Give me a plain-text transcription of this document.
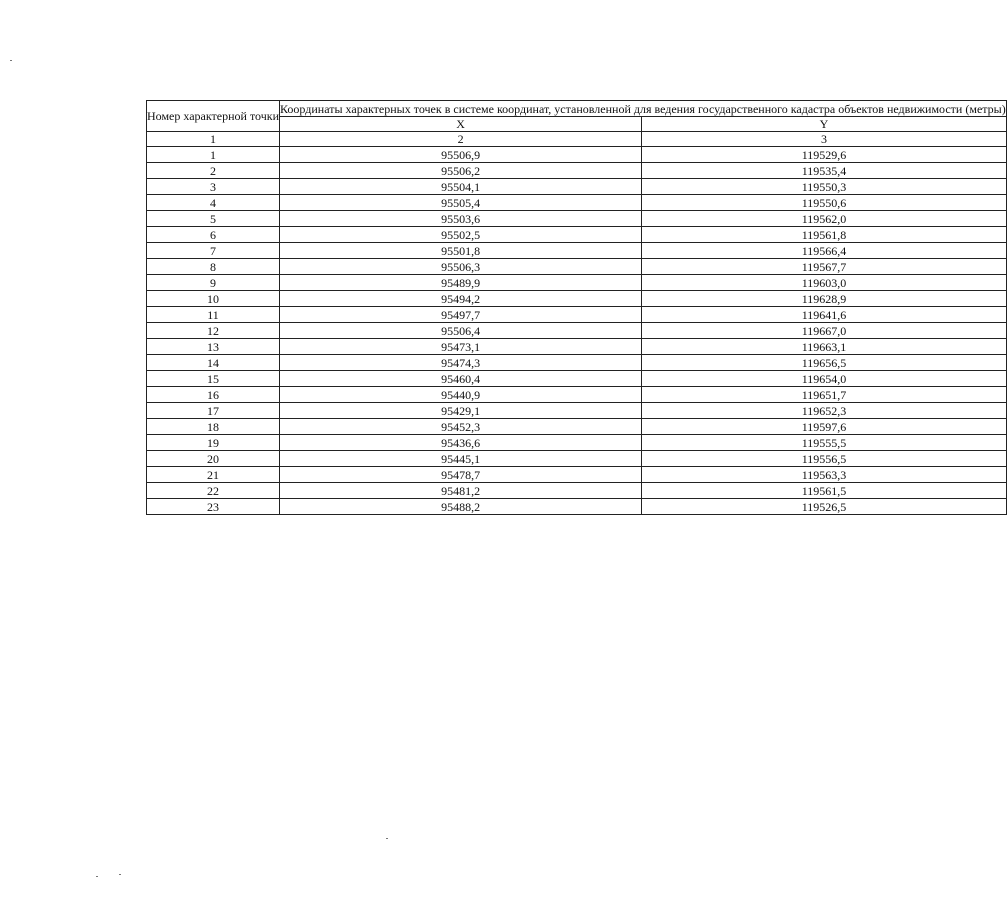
Номер характерной точки	Координаты характерных точек в системе координат, установленной для ведения государственного кадастра объектов недвижимости (метры)	
	X	Y
1	2	3
1	95506,9	119529,6
2	95506,2	119535,4
3	95504,1	119550,3
4	95505,4	119550,6
5	95503,6	119562,0
6	95502,5	119561,8
7	95501,8	119566,4
8	95506,3	119567,7
9	95489,9	119603,0
10	95494,2	119628,9
11	95497,7	119641,6
12	95506,4	119667,0
13	95473,1	119663,1
14	95474,3	119656,5
15	95460,4	119654,0
16	95440,9	119651,7
17	95429,1	119652,3
18	95452,3	119597,6
19	95436,6	119555,5
20	95445,1	119556,5
21	95478,7	119563,3
22	95481,2	119561,5
23	95488,2	119526,5
